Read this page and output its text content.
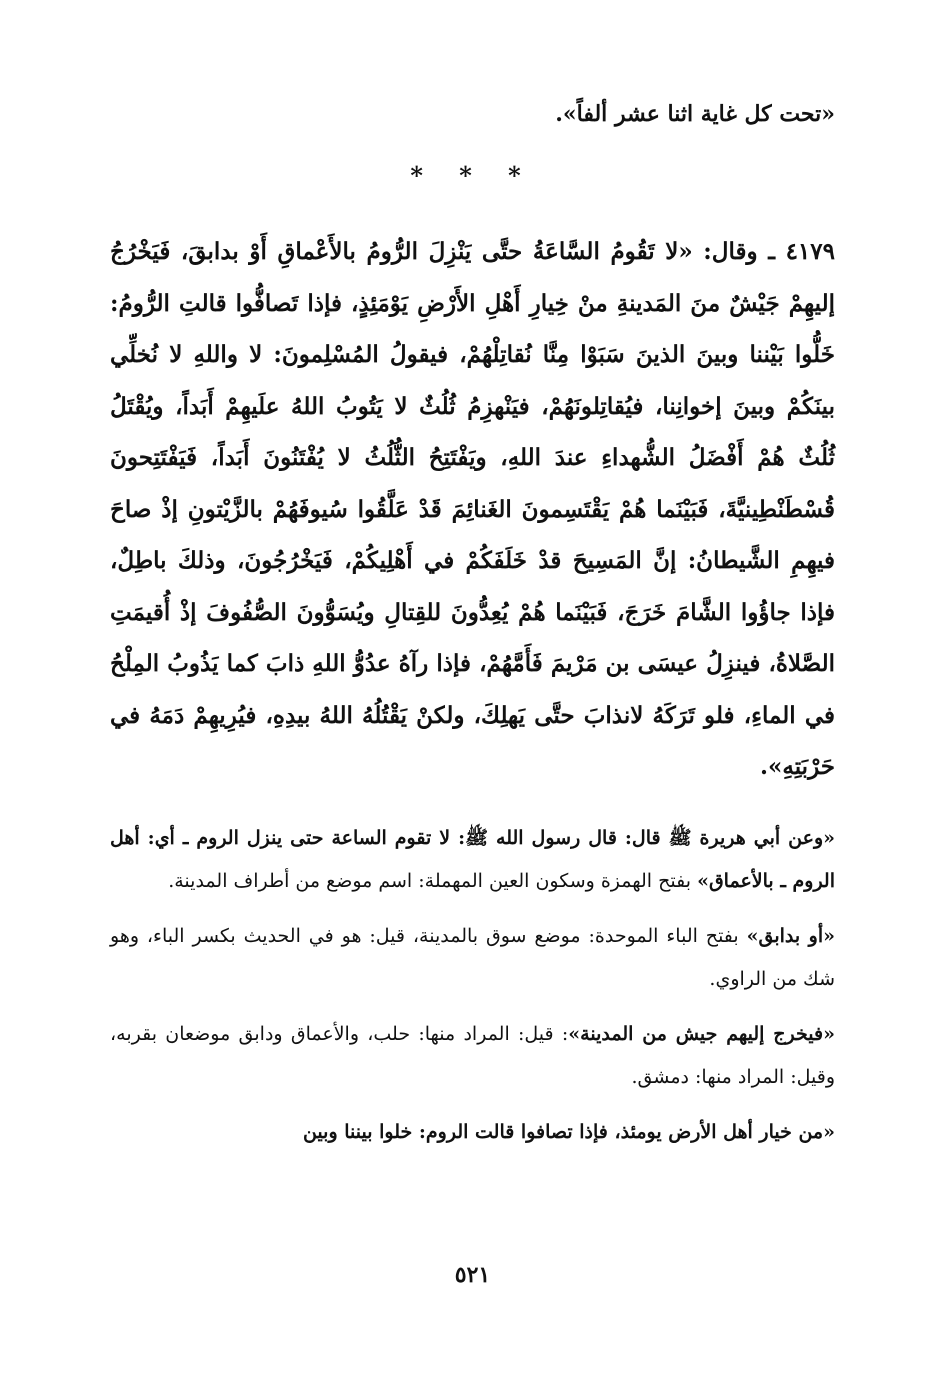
«تحت كل غاية اثنا عشر ألفاً».
* * *
٤١٧٩ ـ وقال: «لا تَقُومُ السَّاعَةُ حتَّى يَنْزِلَ الرُّومُ بالأَعْماقِ أَوْ بدابقَ، فَيَخْرُجُ إليهِمْ جَيْشٌ منَ المَدينةِ منْ خِيارِ أَهْلِ الأَرْضِ يَوْمَئِذٍ، فإذا تَصافُّوا قالتِ الرُّومُ: خَلُّوا بَيْننا وبينَ الذينَ سَبَوْا مِنَّا نُقاتِلْهُمْ، فيقولُ المُسْلِمونَ: لا واللهِ لا نُخلِّي بينَكُمْ وبينَ إخوانِنا، فيُقاتِلونَهُمْ، فيَنْهزِمُ ثُلُثٌ لا يَتُوبُ اللهُ علَيهِمْ أَبَداً، ويُقْتَلُ ثُلُثٌ هُمْ أَفْضَلُ الشُّهداءِ عندَ اللهِ، ويَفْتَتِحُ الثُّلُثُ لا يُفْتَنُونَ أَبَداً، فَيَفْتَتِحونَ قُسْطَنْطِينيَّةَ، فَبَيْنَما هُمْ يَقْتَسِمونَ الغَنائِمَ قَدْ عَلَّقُوا سُيوفَهُمْ بالزَّيْتونِ إذْ صاحَ فيهِمِ الشَّيطانُ: إنَّ المَسِيحَ قدْ خَلَفَكُمْ في أَهْلِيكُمْ، فَيَخْرُجُونَ، وذلكَ باطِلٌ، فإذا جاؤُوا الشَّامَ خَرَجَ، فَبَيْنَما هُمْ يُعِدُّونَ للقِتالِ ويُسَوُّونَ الصُّفُوفَ إذْ أُقيمَتِ الصَّلاةُ، فينزِلُ عيسَى بن مَرْيمَ فَأَمَّهُمْ، فإذا رآهُ عدُوُّ اللهِ ذابَ كما يَذُوبُ المِلْحُ في الماءِ، فلو تَرَكَهُ لانذابَ حتَّى يَهلِكَ، ولكنْ يَقْتُلُهُ اللهُ بيدِهِ، فيُرِيهِمْ دَمَهُ في حَرْبَتِهِ».
«وعن أبي هريرة ﷺ قال: قال رسول الله ﷺ: لا تقوم الساعة حتى ينزل الروم ـ أي: أهل الروم ـ بالأعماق» بفتح الهمزة وسكون العين المهملة: اسم موضع من أطراف المدينة.
«أو بدابق» بفتح الباء الموحدة: موضع سوق بالمدينة، قيل: هو في الحديث بكسر الباء، وهو شك من الراوي.
«فيخرج إليهم جيش من المدينة»: قيل: المراد منها: حلب، والأعماق ودابق موضعان بقربه، وقيل: المراد منها: دمشق.
«من خيار أهل الأرض يومئذ، فإذا تصافوا قالت الروم: خلوا بيننا وبين
٥٢١
